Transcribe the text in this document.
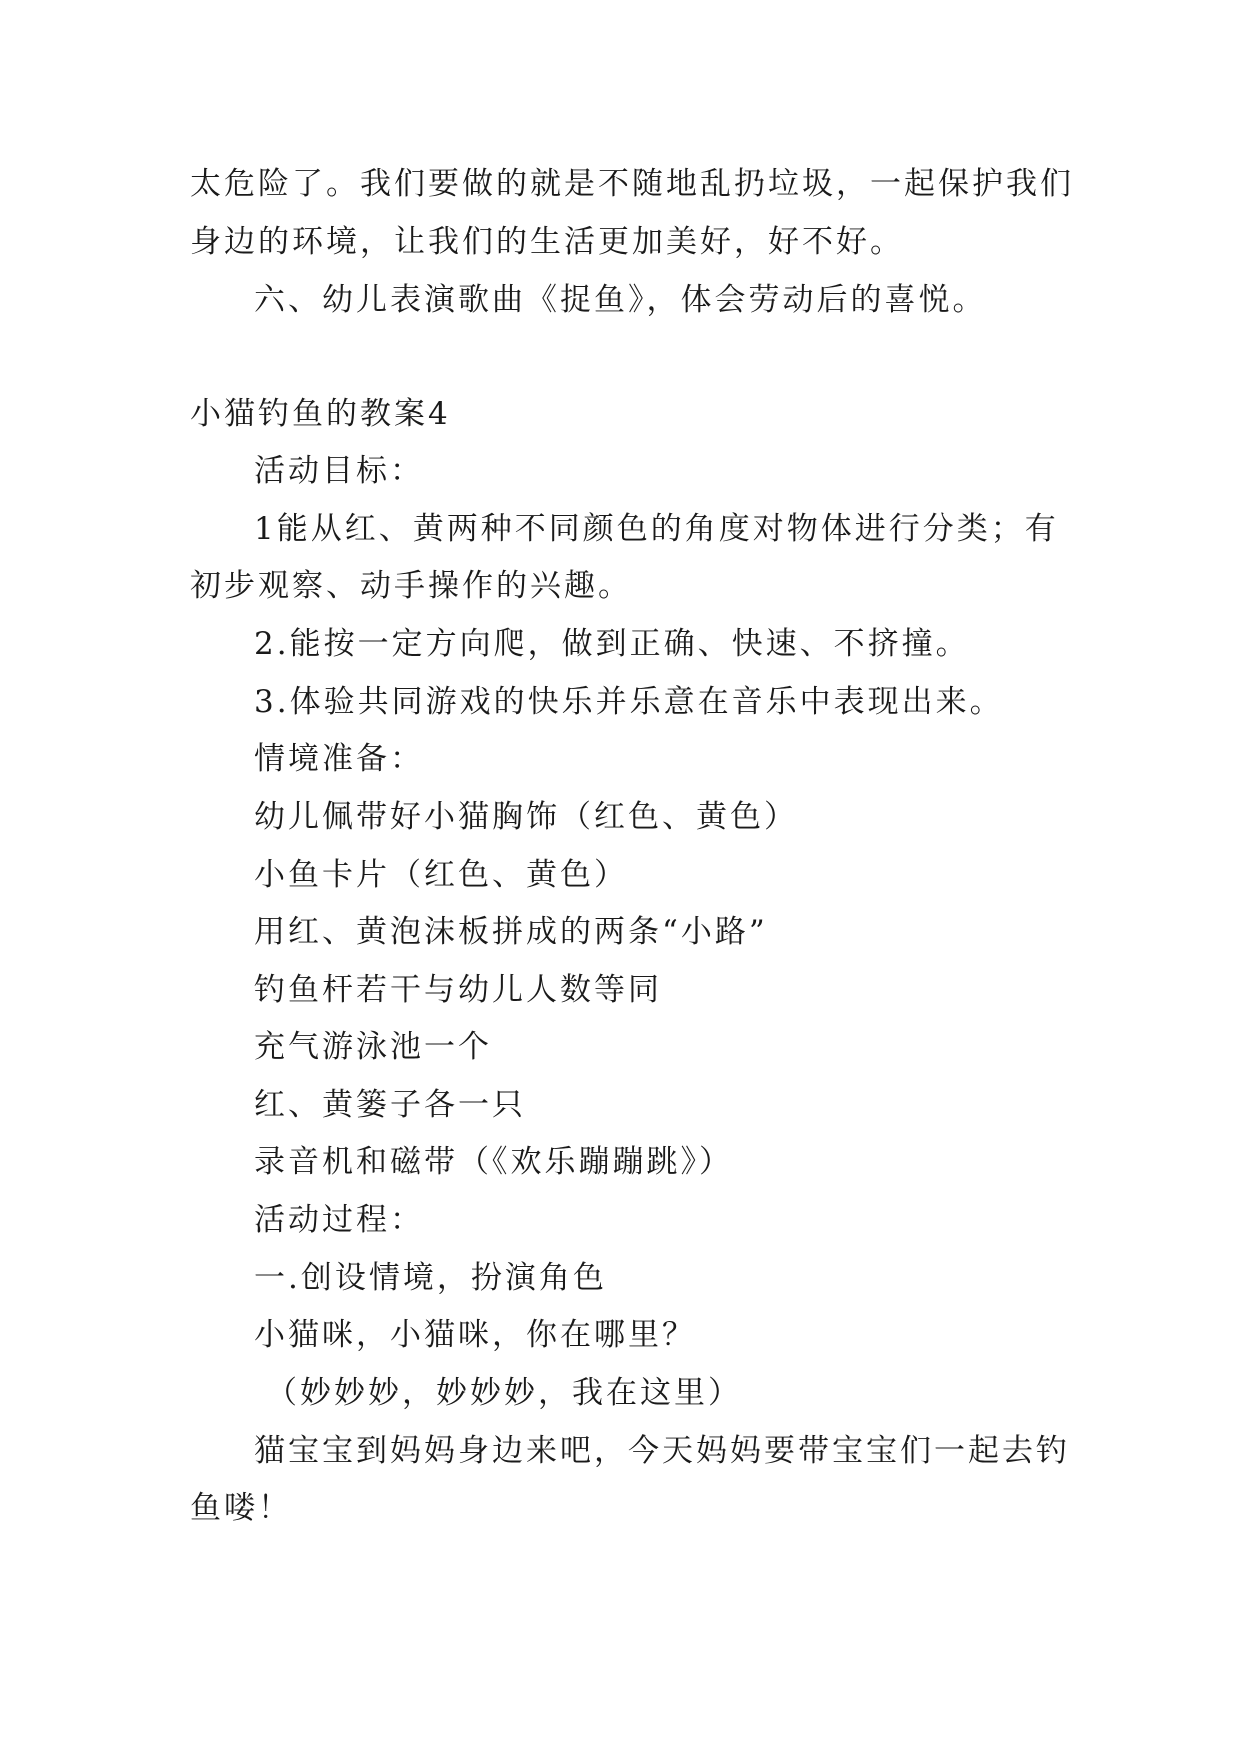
太危险了。我们要做的就是不随地乱扔垃圾，一起保护我们
身边的环境，让我们的生活更加美好，好不好。
六、幼儿表演歌曲《捉鱼》，体会劳动后的喜悦。
小猫钓鱼的教案4
活动目标：
1能从红、黄两种不同颜色的角度对物体进行分类；有
初步观察、动手操作的兴趣。
2.能按一定方向爬，做到正确、快速、不挤撞。
3.体验共同游戏的快乐并乐意在音乐中表现出来。
情境准备：
幼儿佩带好小猫胸饰（红色、黄色）
小鱼卡片（红色、黄色）
用红、黄泡沫板拼成的两条“小路”
钓鱼杆若干与幼儿人数等同
充气游泳池一个
红、黄篓子各一只
录音机和磁带（《欢乐蹦蹦跳》）
活动过程：
一.创设情境，扮演角色
小猫咪，小猫咪，你在哪里？
（妙妙妙，妙妙妙，我在这里）
猫宝宝到妈妈身边来吧，今天妈妈要带宝宝们一起去钓
鱼喽！
